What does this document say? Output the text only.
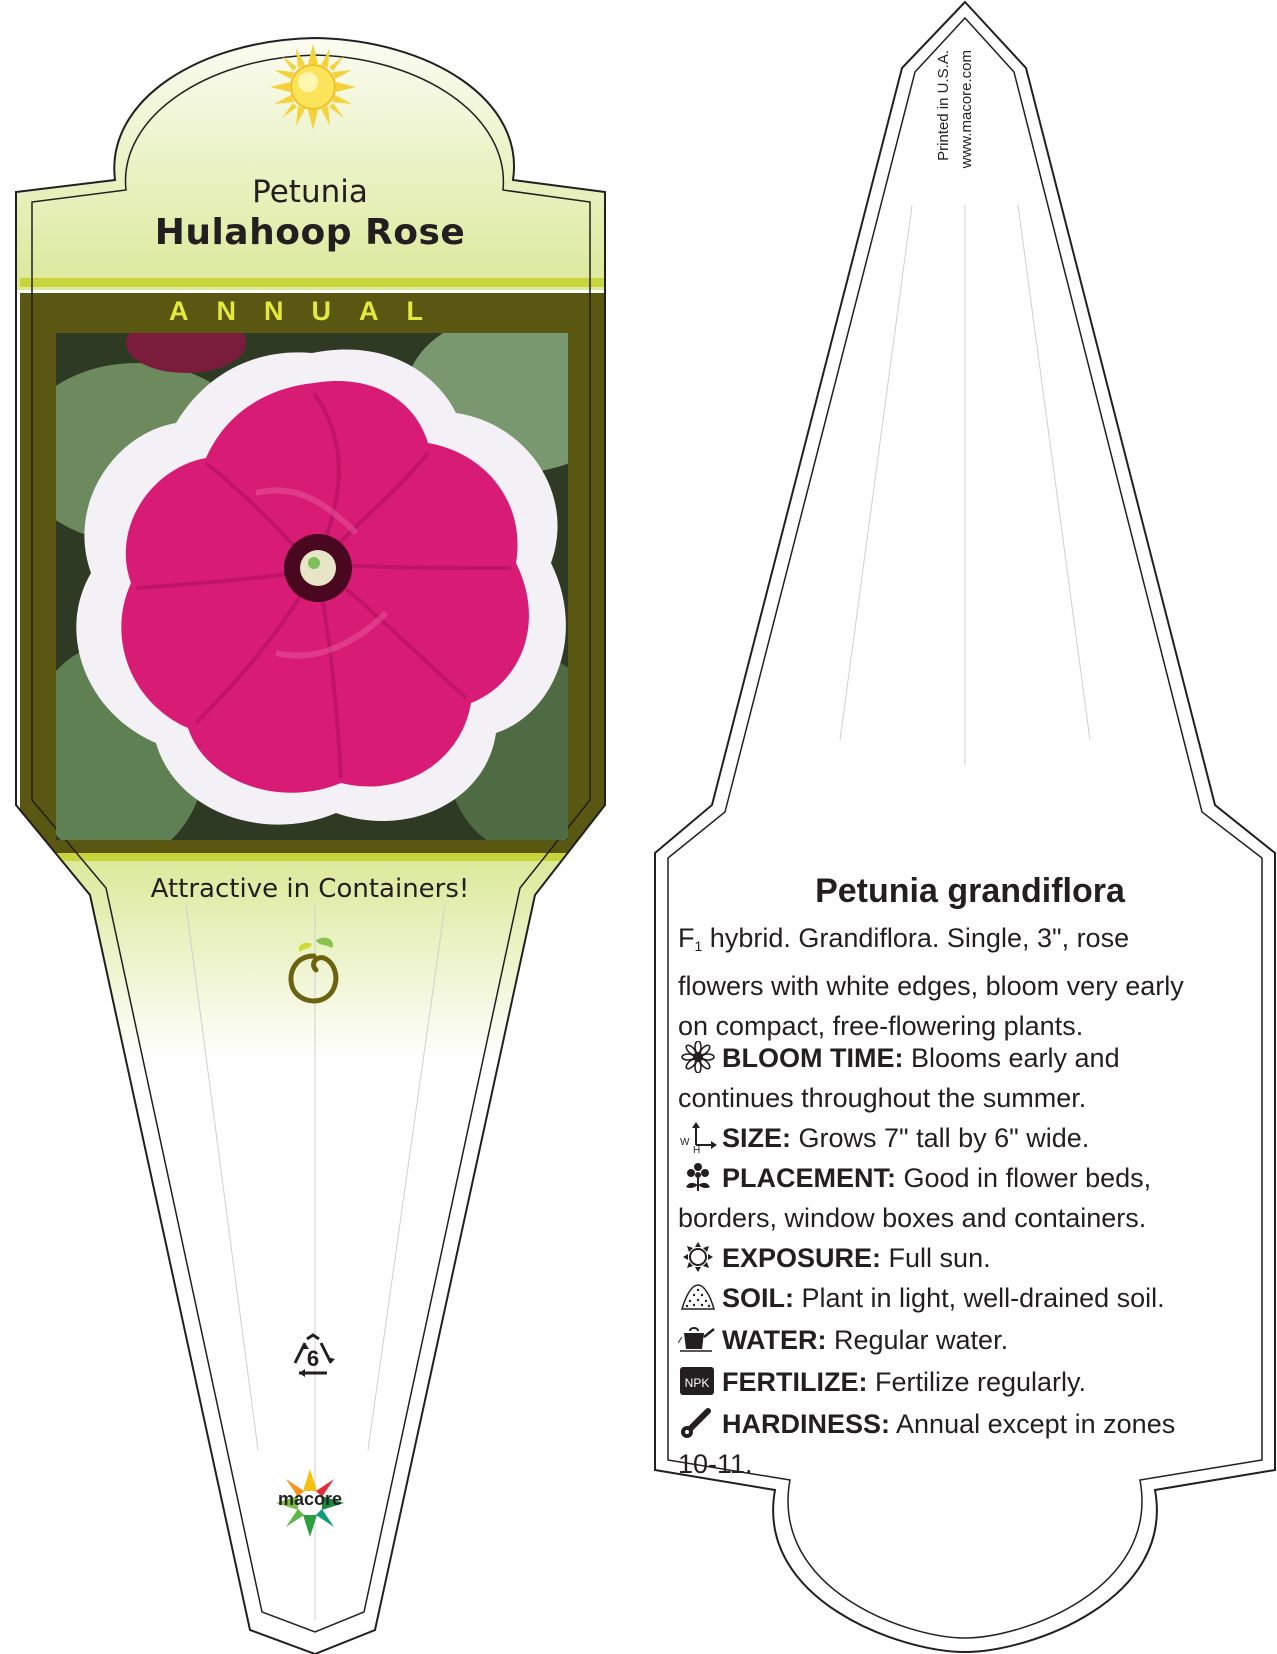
Petunia
Hulahoop Rose
ANNUAL
Attractive in Containers!
6
macore
Printed in U.S.A. www.macore.com
Petunia grandiflora
$F_1$ hybrid. Grandiflora. Single, 3", rose flowers with white edges, bloom very early on compact, free-flowering plants.
BLOOM TIME: Blooms early and continues throughout the summer.
W
H SIZE: Grows 7" tall by 6" wide.
PLACEMENT: Good in flower beds, borders, window boxes and containers.
EXPOSURE: Full sun.
SOIL: Plant in light, well-drained soil.
WATER: Regular water.
NPK FERTILIZE: Fertilize regularly.
HARDINESS: Annual except in zones 10-11.
